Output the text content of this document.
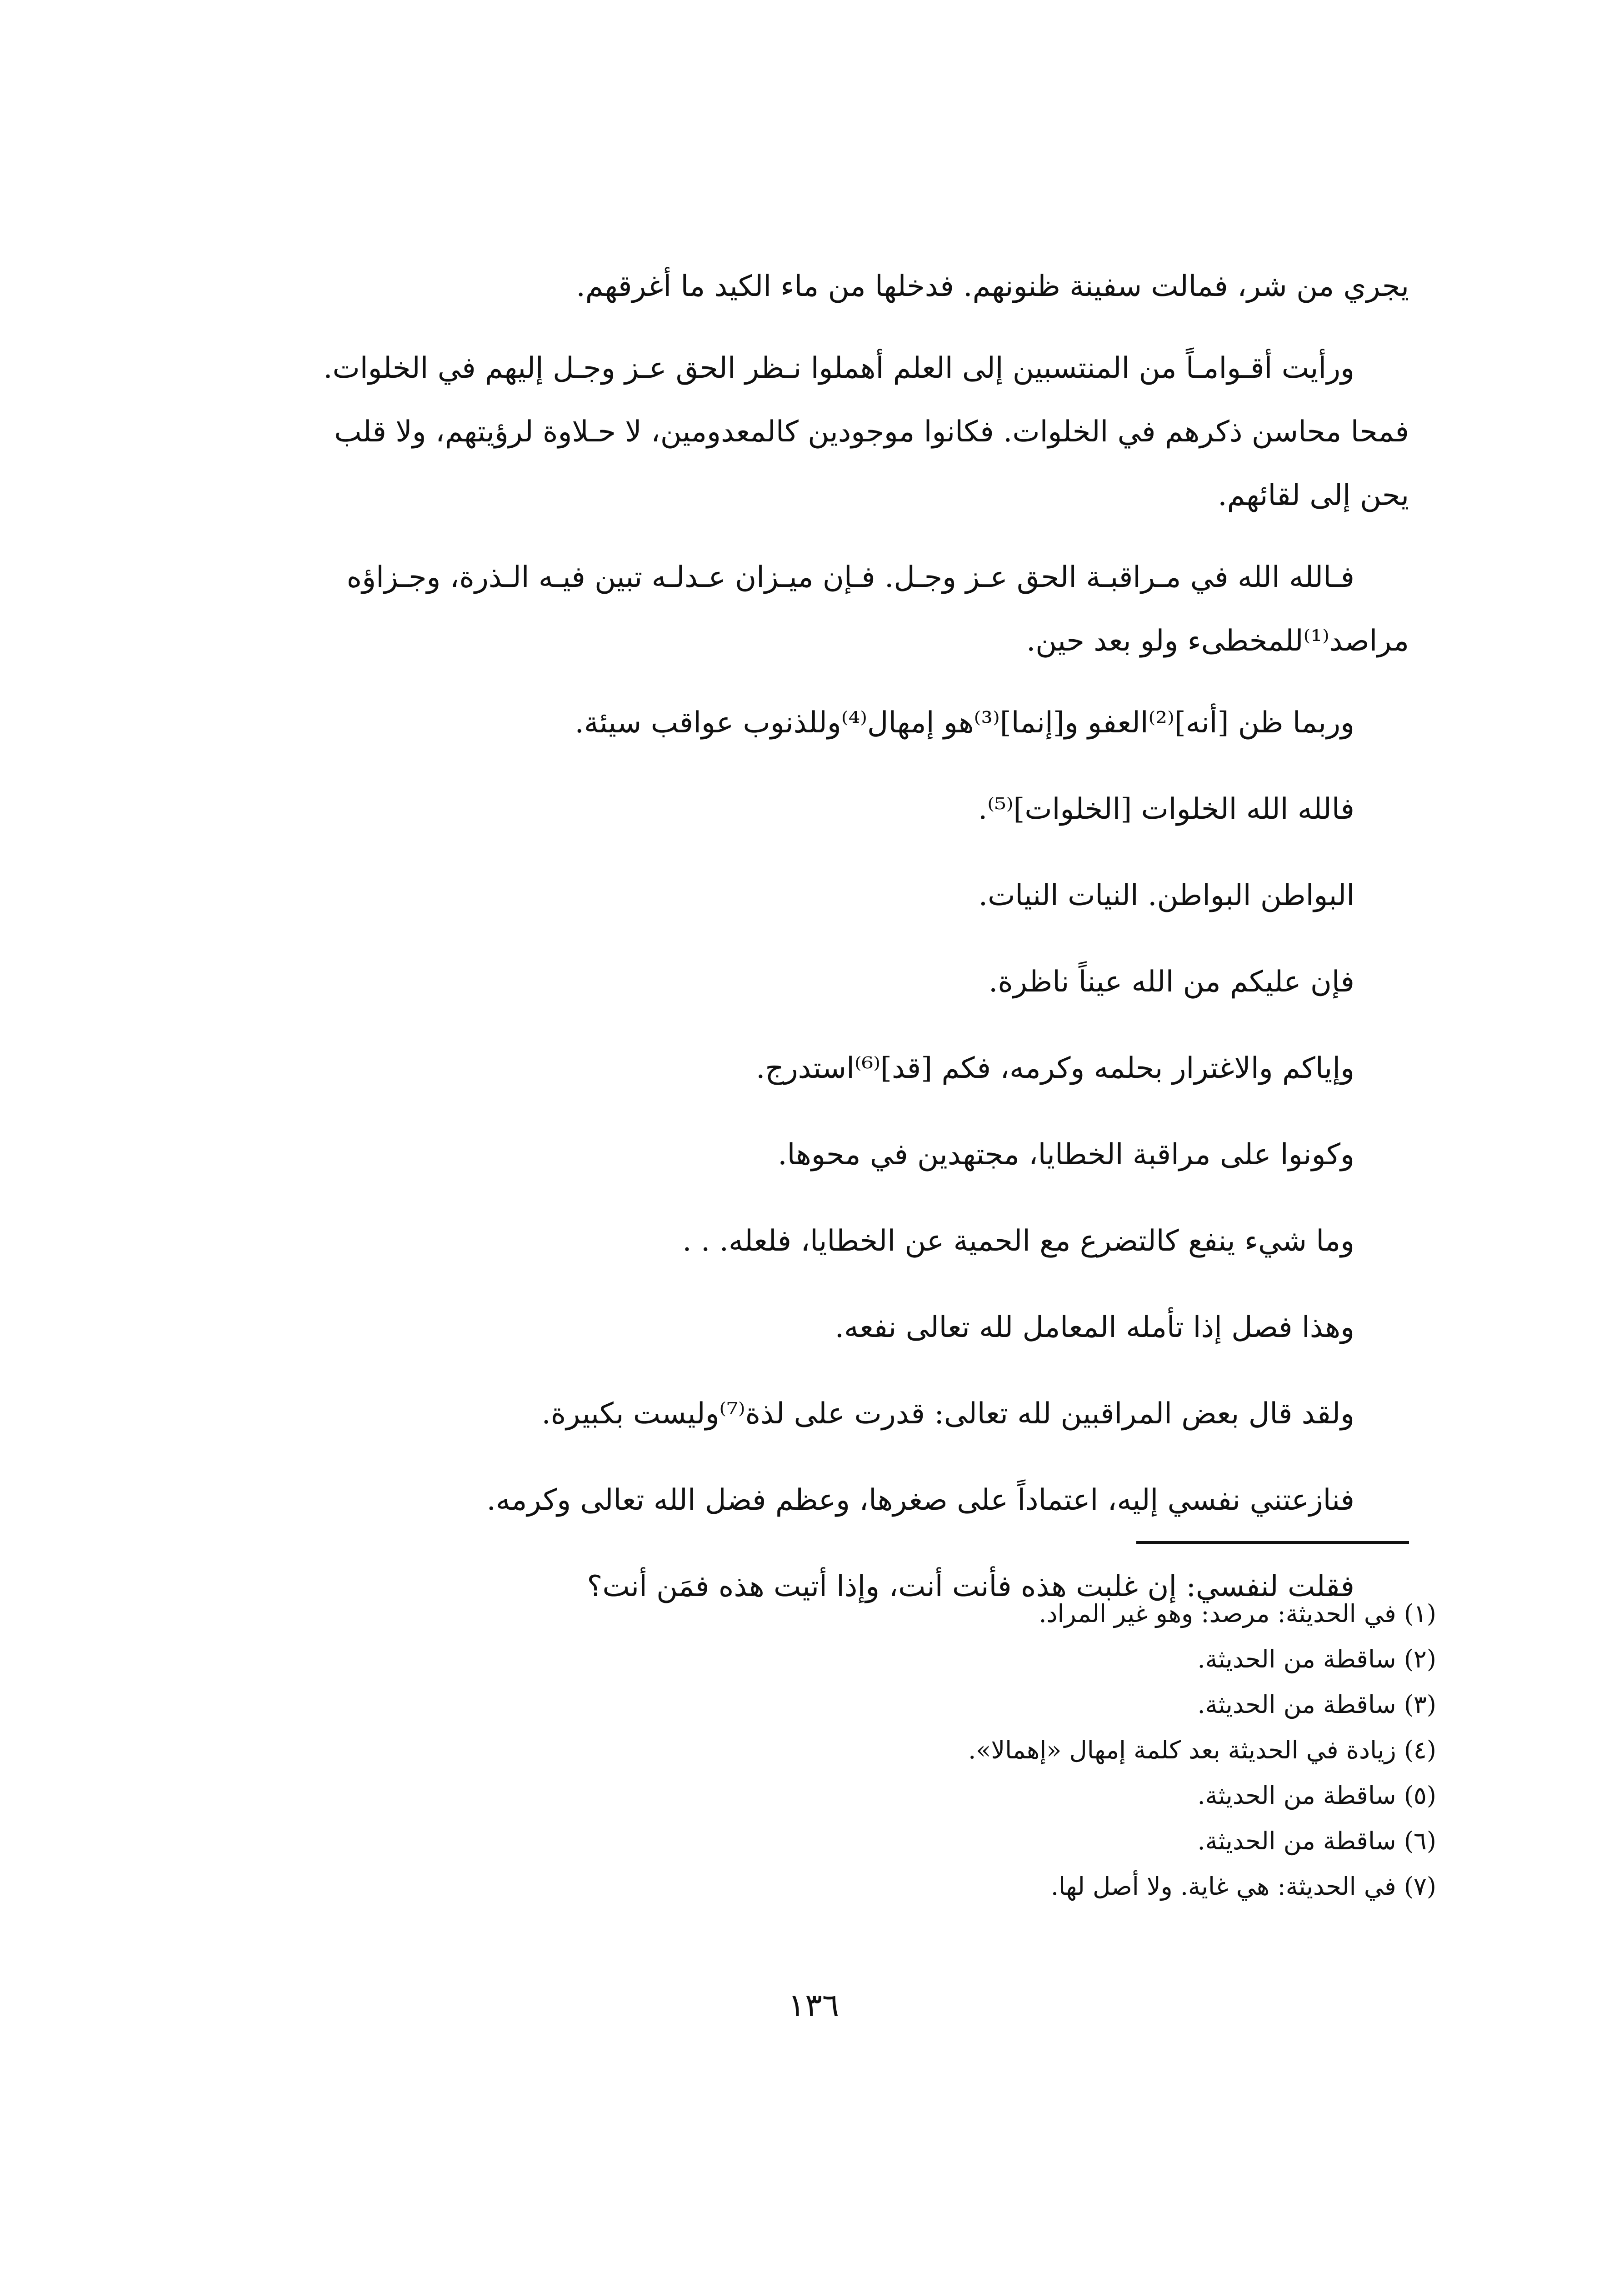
يجري من شر، فمالت سفينة ظنونهم. فدخلها من ماء الكيد ما أغرقهم.

ورأيت أقـوامـاً من المنتسبين إلى العلم أهملوا نـظر الحق عـز وجـل إليهم في الخلوات.

فمحا محاسن ذكرهم في الخلوات. فكانوا موجودين كالمعدومين، لا حـلاوة لرؤيتهم، ولا قلب

يحن إلى لقائهم.

فـالله الله في مـراقبـة الحق عـز وجـل. فـإن ميـزان عـدلـه تبين فيـه الـذرة، وجـزاؤه

مراصد⁽¹⁾للمخطىء ولو بعد حين.

وربما ظن [أنه]⁽²⁾العفو و[إنما]⁽³⁾هو إمهال⁽⁴⁾وللذنوب عواقب سيئة.

فالله الله الخلوات [الخلوات]⁽⁵⁾.

البواطن البواطن. النيات النيات.

فإن عليكم من الله عيناً ناظرة.

وإياكم والاغترار بحلمه وكرمه، فكم [قد]⁽⁶⁾استدرج.

وكونوا على مراقبة الخطايا، مجتهدين في محوها.

وما شيء ينفع كالتضرع مع الحمية عن الخطايا، فلعله. . .

وهذا فصل إذا تأمله المعامل لله تعالى نفعه.

ولقد قال بعض المراقبين لله تعالى: قدرت على لذة⁽⁷⁾وليست بكبيرة.

فنازعتني نفسي إليه، اعتماداً على صغرها، وعظم فضل الله تعالى وكرمه.

فقلت لنفسي: إن غلبت هذه فأنت أنت، وإذا أتيت هذه فمَن أنت؟

(١) في الحديثة: مرصد: وهو غير المراد.

(٢) ساقطة من الحديثة.

(٣) ساقطة من الحديثة.

(٤) زيادة في الحديثة بعد كلمة إمهال «إهمالا».

(٥) ساقطة من الحديثة.

(٦) ساقطة من الحديثة.

(٧) في الحديثة: هي غاية. ولا أصل لها.

١٣٦
